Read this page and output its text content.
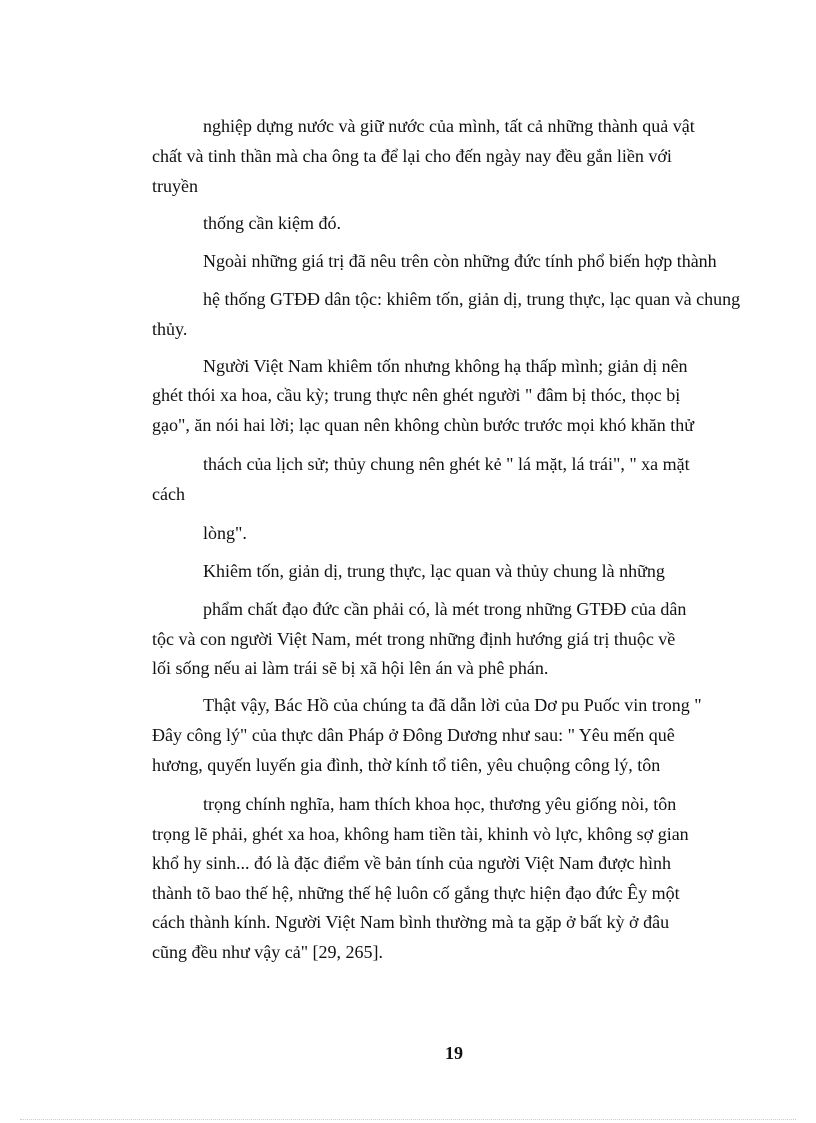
nghiệp dựng nước và giữ nước của mình, tất cả những thành quả vật
chất và tinh thần mà cha ông ta để lại cho đến ngày nay đều gắn liền với
truyền
thống cần kiệm đó.
Ngoài những giá trị đã nêu trên còn những đức tính phổ biến hợp thành
hệ thống GTĐĐ dân tộc: khiêm tốn, giản dị, trung thực, lạc quan và chung
thủy.
Người Việt Nam khiêm tốn nhưng không hạ thấp mình; giản dị nên
ghét thói xa hoa, cầu kỳ; trung thực nên ghét người " đâm bị thóc, thọc bị
gạo", ăn nói hai lời; lạc quan nên không chùn bước trước mọi khó khăn thử
thách của lịch sử; thủy chung nên ghét kẻ " lá mặt, lá trái", " xa mặt
cách
lòng".
Khiêm tốn, giản dị, trung thực, lạc quan và thủy chung là những
phẩm chất đạo đức cần phải có, là mét trong những GTĐĐ của dân
tộc và con người Việt Nam, mét trong những định hướng giá trị thuộc về
lối sống nếu ai làm trái sẽ bị xã hội lên án và phê phán.
Thật vậy, Bác Hồ của chúng ta đã dẫn lời của Dơ pu Puốc vin trong "
Đây công lý" của thực dân Pháp ở Đông Dương như sau: " Yêu mến quê
hương, quyến luyến gia đình, thờ kính tổ tiên, yêu chuộng công lý, tôn
trọng chính nghĩa, ham thích khoa học, thương yêu giống nòi, tôn
trọng lẽ phải, ghét xa hoa, không ham tiền tài, khinh vò lực, không sợ gian
khổ hy sinh... đó là đặc điểm về bản tính của người Việt Nam được hình
thành tõ bao thế hệ, những thế hệ luôn cố gắng thực hiện đạo đức Êy một
cách thành kính. Người Việt Nam bình thường mà ta gặp ở bất kỳ ở đâu
cũng đều như vậy cả" [29, 265].
19
